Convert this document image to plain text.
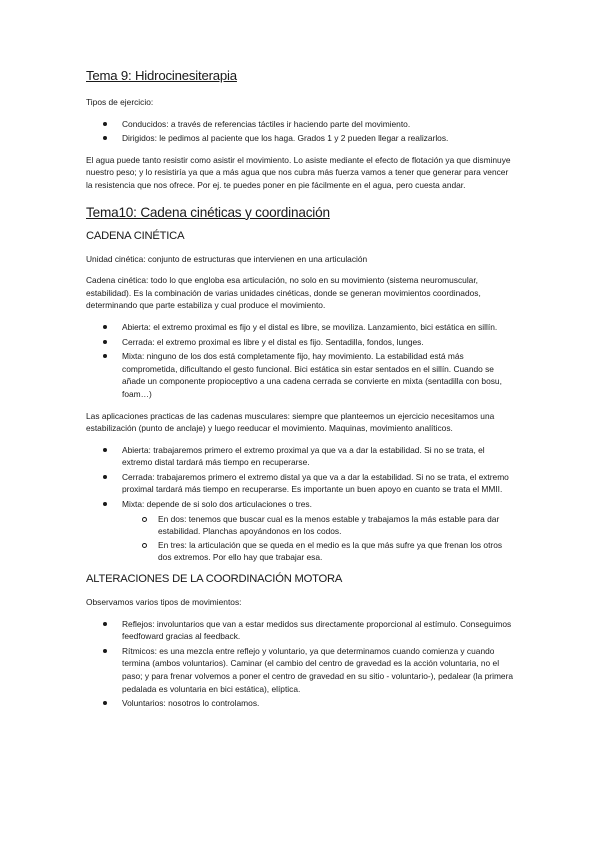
Tema 9: Hidrocinesiterapia

Tipos de ejercicio:

Conducidos: a través de referencias táctiles ir haciendo parte del movimiento.
Dirigidos: le pedimos al paciente que los haga. Grados 1 y 2 pueden llegar a realizarlos.

El agua puede tanto resistir como asistir el movimiento. Lo asiste mediante el efecto de flotación ya que disminuye nuestro peso; y lo resistiría ya que a más agua que nos cubra más fuerza vamos a tener que generar para vencer la resistencia que nos ofrece. Por ej. te puedes poner en pie fácilmente en el agua, pero cuesta andar.

Tema10: Cadena cinéticas y coordinación
CADENA CINÉTICA

Unidad cinética: conjunto de estructuras que intervienen en una articulación

Cadena cinética: todo lo que engloba esa articulación, no solo en su movimiento (sistema neuromuscular, estabilidad). Es la combinación de varias unidades cinéticas, donde se generan movimientos coordinados, determinando que parte estabiliza y cual produce el movimiento.

Abierta: el extremo proximal es fijo y el distal es libre, se moviliza. Lanzamiento, bici estática en sillín.
Cerrada: el extremo proximal es libre y el distal es fijo. Sentadilla, fondos, lunges.
Mixta: ninguno de los dos está completamente fijo, hay movimiento. La estabilidad está más comprometida, dificultando el gesto funcional. Bici estática sin estar sentados en el sillín. Cuando se añade un componente propioceptivo a una cadena cerrada se convierte en mixta (sentadilla con bosu, foam…)

Las aplicaciones practicas de las cadenas musculares: siempre que planteemos un ejercicio necesitamos una estabilización (punto de anclaje) y luego reeducar el movimiento. Maquinas, movimiento analíticos.

Abierta: trabajaremos primero el extremo proximal ya que va a dar la estabilidad. Si no se trata, el extremo distal tardará más tiempo en recuperarse.
Cerrada: trabajaremos primero el extremo distal ya que va a dar la estabilidad. Si no se trata, el extremo proximal tardará más tiempo en recuperarse. Es importante un buen apoyo en cuanto se trata el MMII.
Mixta: depende de si solo dos articulaciones o tres.
En dos: tenemos que buscar cual es la menos estable y trabajamos la más estable para dar estabilidad. Planchas apoyándonos en los codos.
En tres: la articulación que se queda en el medio es la que más sufre ya que frenan los otros dos extremos. Por ello hay que trabajar esa.
ALTERACIONES DE LA COORDINACIÓN MOTORA

Observamos varios tipos de movimientos:

Reflejos: involuntarios que van a estar medidos sus directamente proporcional al estímulo. Conseguimos feedfoward gracias al feedback.
Rítmicos: es una mezcla entre reflejo y voluntario, ya que determinamos cuando comienza y cuando termina (ambos voluntarios). Caminar (el cambio del centro de gravedad es la acción voluntaria, no el paso; y para frenar volvemos a poner el centro de gravedad en su sitio - voluntario-), pedalear (la primera pedalada es voluntaria en bici estática), elíptica.
Voluntarios: nosotros lo controlamos.
